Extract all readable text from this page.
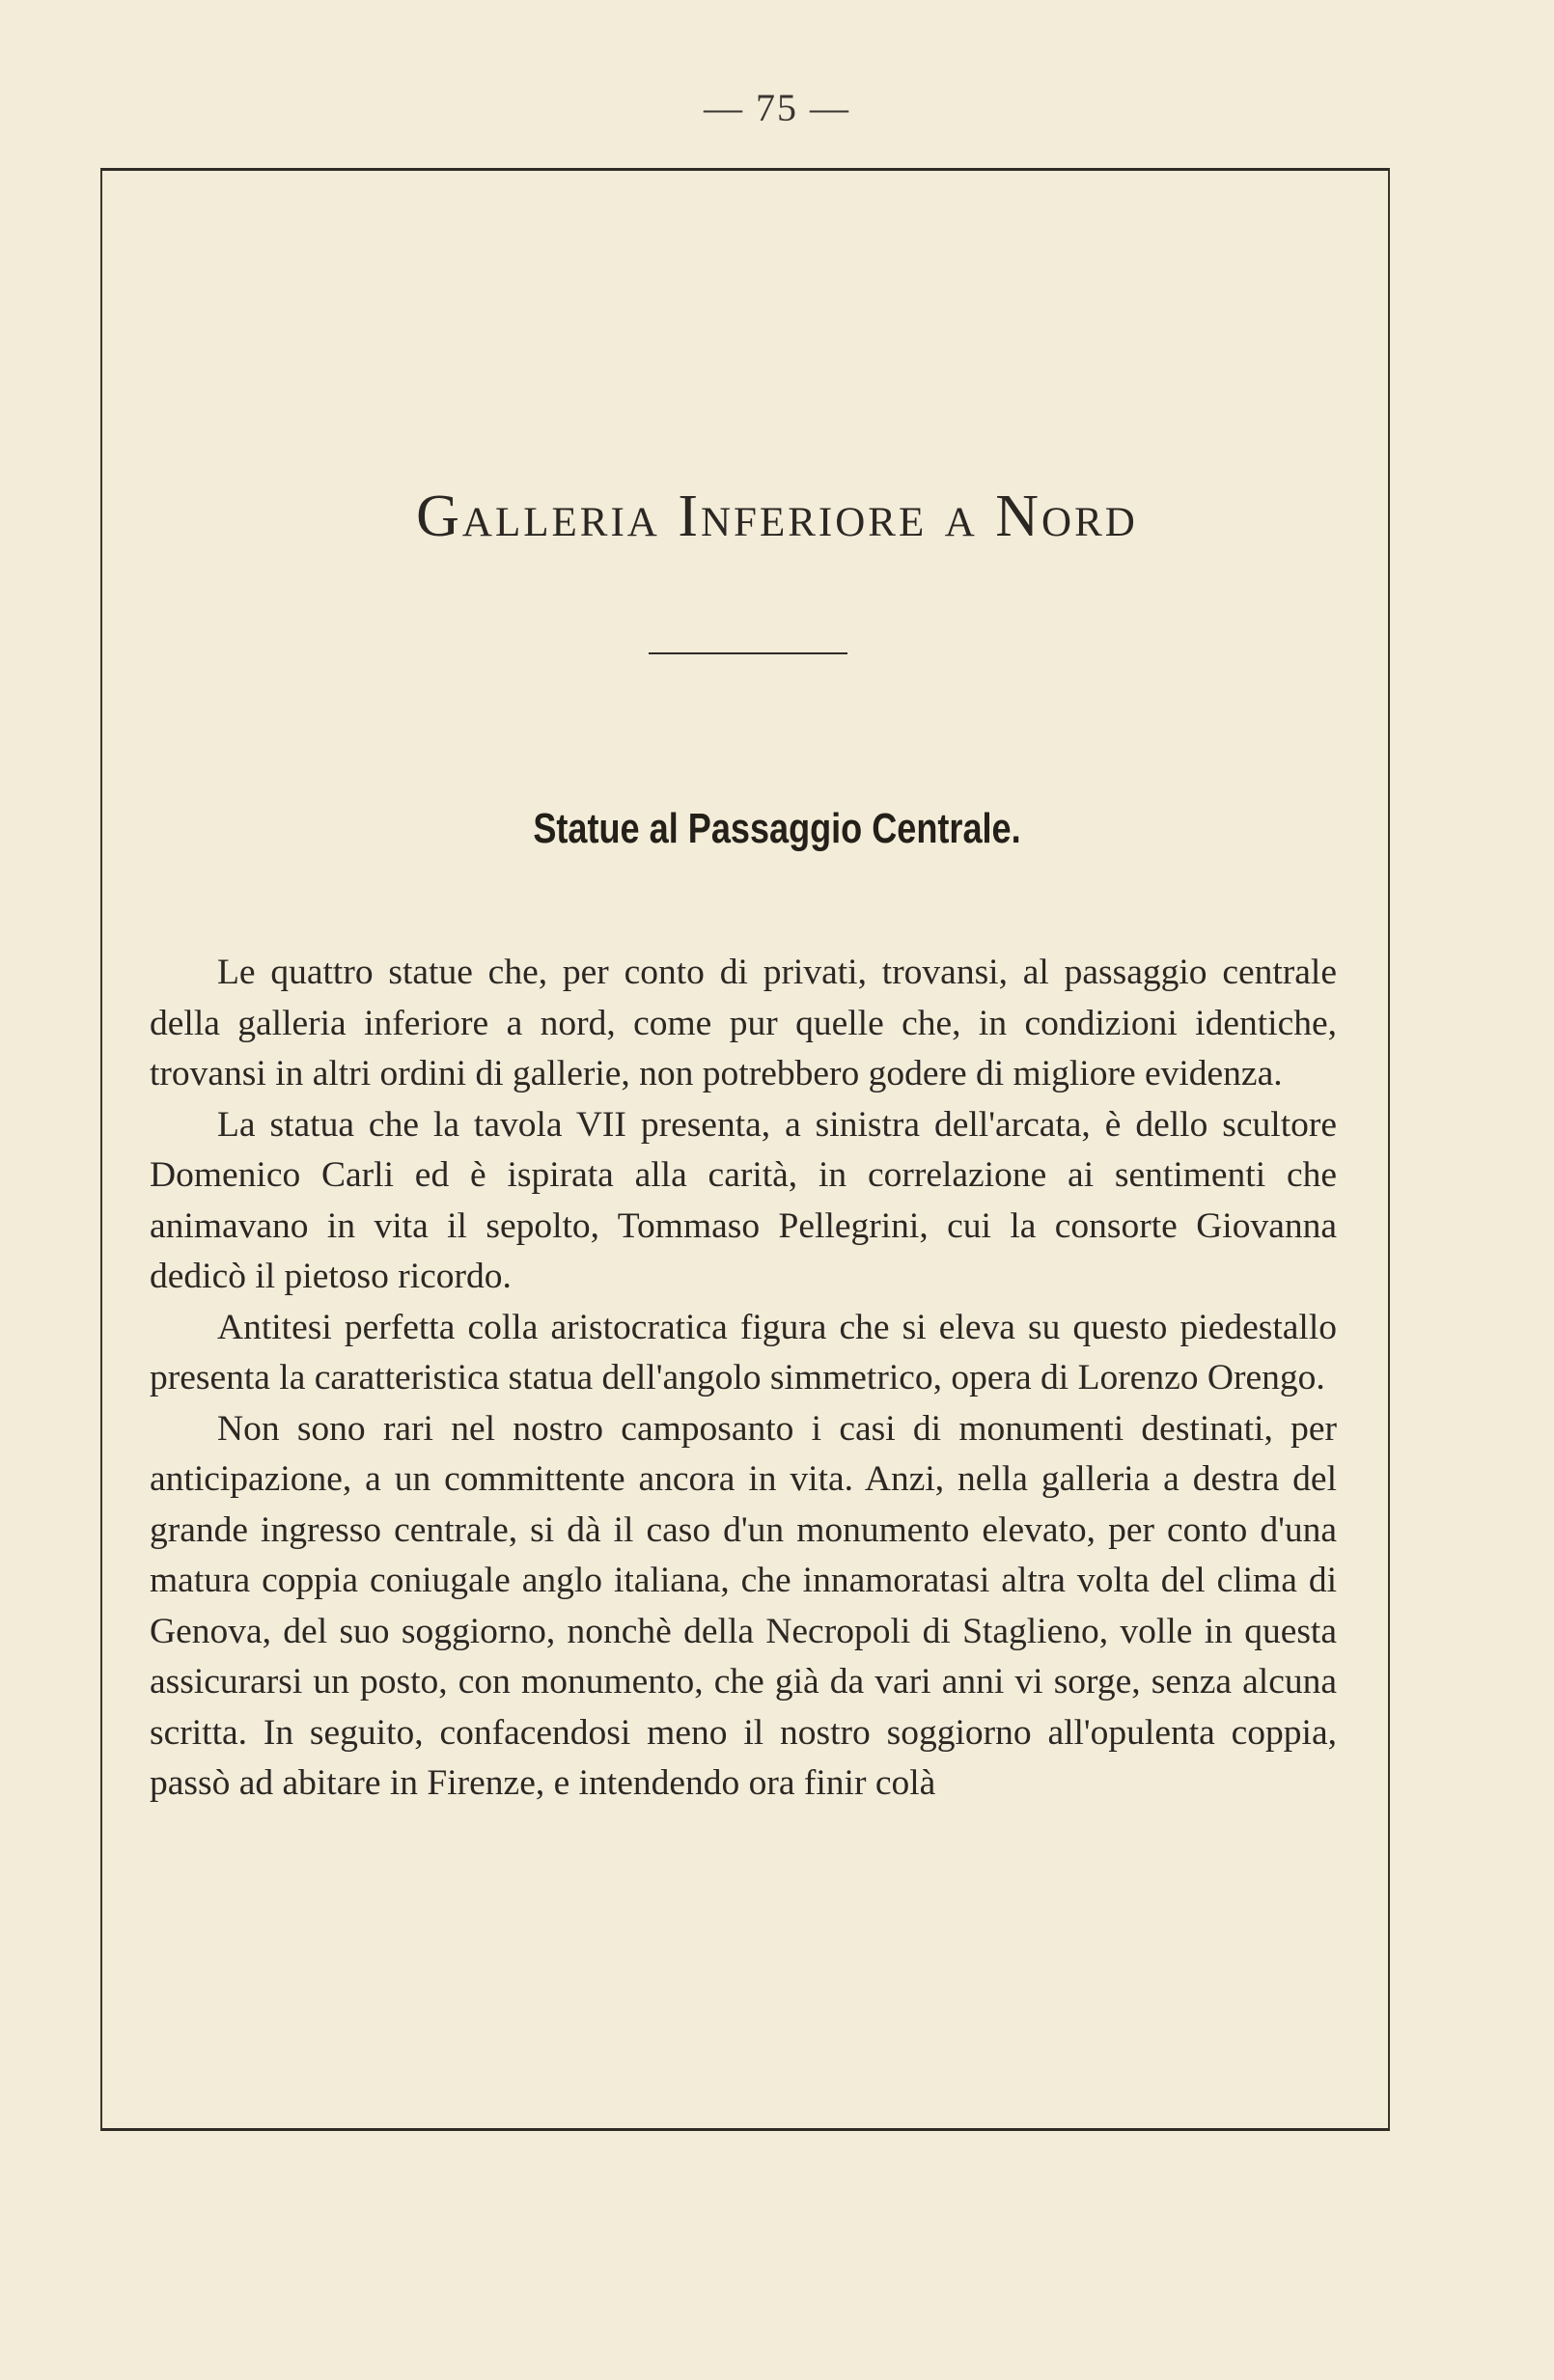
— 75 —
Galleria Inferiore a Nord
Statue al Passaggio Centrale.

Le quattro statue che, per conto di privati, trovansi, al passaggio centrale della galleria inferiore a nord, come pur quelle che, in condizioni identiche, trovansi in altri ordini di gallerie, non potrebbero godere di migliore evidenza.

La statua che la tavola VII presenta, a sinistra dell'arcata, è dello scultore Domenico Carli ed è ispirata alla carità, in correlazione ai sentimenti che animavano in vita il sepolto, Tommaso Pellegrini, cui la consorte Giovanna dedicò il pietoso ricordo.

Antitesi perfetta colla aristocratica figura che si eleva su questo piedestallo presenta la caratteristica statua dell'angolo simmetrico, opera di Lorenzo Orengo.

Non sono rari nel nostro camposanto i casi di monumenti destinati, per anticipazione, a un committente ancora in vita. Anzi, nella galleria a destra del grande ingresso centrale, si dà il caso d'un monumento elevato, per conto d'una matura coppia coniugale anglo italiana, che innamoratasi altra volta del clima di Genova, del suo soggiorno, nonchè della Necropoli di Staglieno, volle in questa assicurarsi un posto, con monumento, che già da vari anni vi sorge, senza alcuna scritta. In seguito, confacendosi meno il nostro soggiorno all'opulenta coppia, passò ad abitare in Firenze, e intendendo ora finir colà
